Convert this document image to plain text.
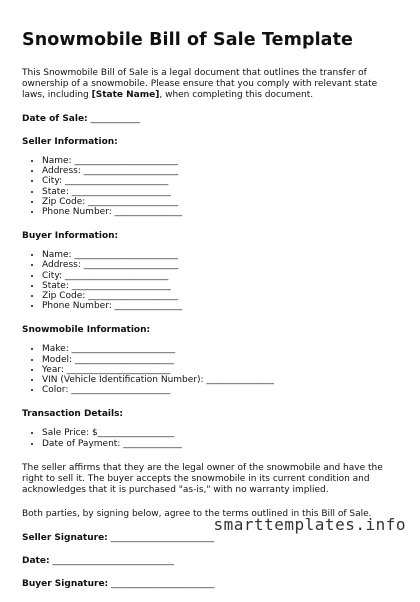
Snowmobile Bill of Sale Template

This Snowmobile Bill of Sale is a legal document that outlines the transfer of ownership of a snowmobile. Please ensure that you comply with relevant state laws, including [State Name], when completing this document.

Date of Sale: ___________
Seller Information:
• Name: _______________________
• Address: _____________________
• City: _______________________
• State: ______________________
• Zip Code: ____________________
• Phone Number: _______________
Buyer Information:
• Name: _______________________
• Address: _____________________
• City: _______________________
• State: ______________________
• Zip Code: ____________________
• Phone Number: _______________
Snowmobile Information:
• Make: _______________________
• Model: ______________________
• Year: _______________________
• VIN (Vehicle Identification Number): _______________
• Color: ______________________
Transaction Details:
• Sale Price: $_________________
• Date of Payment: _____________

The seller affirms that they are the legal owner of the snowmobile and have the right to sell it. The buyer accepts the snowmobile in its current condition and acknowledges that it is purchased "as-is," with no warranty implied.

Both parties, by signing below, agree to the terms outlined in this Bill of Sale.

Seller Signature: _______________________
Date: ___________________________
Buyer Signature: _______________________
smarttemplates.info
